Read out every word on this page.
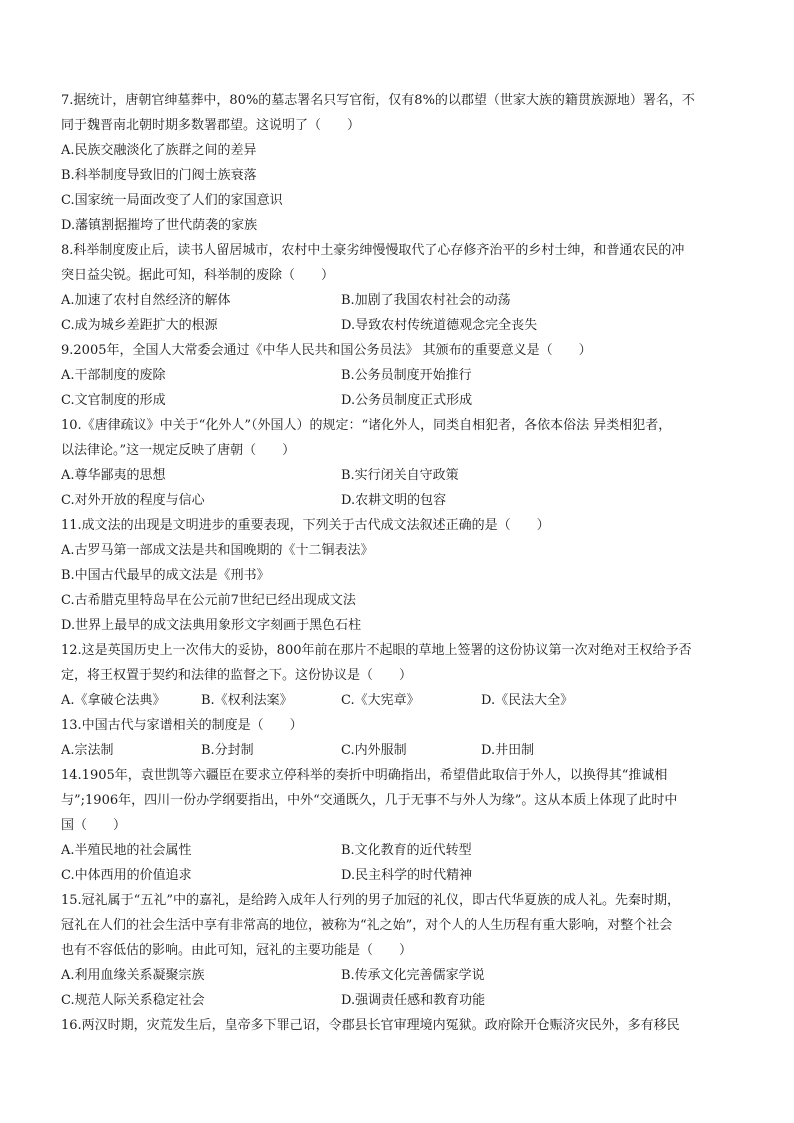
7.据统计，唐朝官绅墓葬中，80%的墓志署名只写官衔，仅有8%的以郡望（世家大族的籍贯族源地）署名，不
同于魏晋南北朝时期多数署郡望。这说明了（　　）
A.民族交融淡化了族群之间的差异
B.科举制度导致旧的门阀士族衰落
C.国家统一局面改变了人们的家国意识
D.藩镇割据摧垮了世代荫袭的家族
8.科举制度废止后，读书人留居城市，农村中土豪劣绅慢慢取代了心存修齐治平的乡村士绅，和普通农民的冲
突日益尖锐。据此可知，科举制的废除（　　）
A.加速了农村自然经济的解体	B.加剧了我国农村社会的动荡
C.成为城乡差距扩大的根源	D.导致农村传统道德观念完全丧失
9.2005年，全国人大常委会通过《中华人民共和国公务员法》 其颁布的重要意义是（　　）
A.干部制度的废除	B.公务员制度开始推行
C.文官制度的形成	D.公务员制度正式形成
10.《唐律疏议》中关于“化外人”（外国人）的规定：“诸化外人，同类自相犯者，各依本俗法 异类相犯者，
以法律论。”这一规定反映了唐朝（　　）
A.尊华鄙夷的思想	B.实行闭关自守政策
C.对外开放的程度与信心	D.农耕文明的包容
11.成文法的出现是文明进步的重要表现，下列关于古代成文法叙述正确的是（　　）
A.古罗马第一部成文法是共和国晚期的《十二铜表法》
B.中国古代最早的成文法是《刑书》
C.古希腊克里特岛早在公元前7世纪已经出现成文法
D.世界上最早的成文法典用象形文字刻画于黑色石柱
12.这是英国历史上一次伟大的妥协，800年前在那片不起眼的草地上签署的这份协议第一次对绝对王权给予否
定，将王权置于契约和法律的监督之下。这份协议是（　　）
A.《拿破仑法典》	B.《权利法案》	C.《大宪章》	D.《民法大全》
13.中国古代与家谱相关的制度是（　　）
A.宗法制	B.分封制	C.内外服制	D.井田制
14.1905年，袁世凯等六疆臣在要求立停科举的奏折中明确指出，希望借此取信于外人，以换得其“推诚相
与”;1906年，四川一份办学纲要指出，中外“交通既久，几于无事不与外人为缘”。这从本质上体现了此时中
国（　　）
A.半殖民地的社会属性	B.文化教育的近代转型
C.中体西用的价值追求	D.民主科学的时代精神
15.冠礼属于“五礼”中的嘉礼，是给跨入成年人行列的男子加冠的礼仪，即古代华夏族的成人礼。先秦时期，
冠礼在人们的社会生活中享有非常高的地位，被称为“礼之始”，对个人的人生历程有重大影响，对整个社会
也有不容低估的影响。由此可知，冠礼的主要功能是（　　）
A.利用血缘关系凝聚宗族	B.传承文化完善儒家学说
C.规范人际关系稳定社会	D.强调责任感和教育功能
16.两汉时期，灾荒发生后，皇帝多下罪己诏，令郡县长官审理境内冤狱。政府除开仓赈济灾民外，多有移民
